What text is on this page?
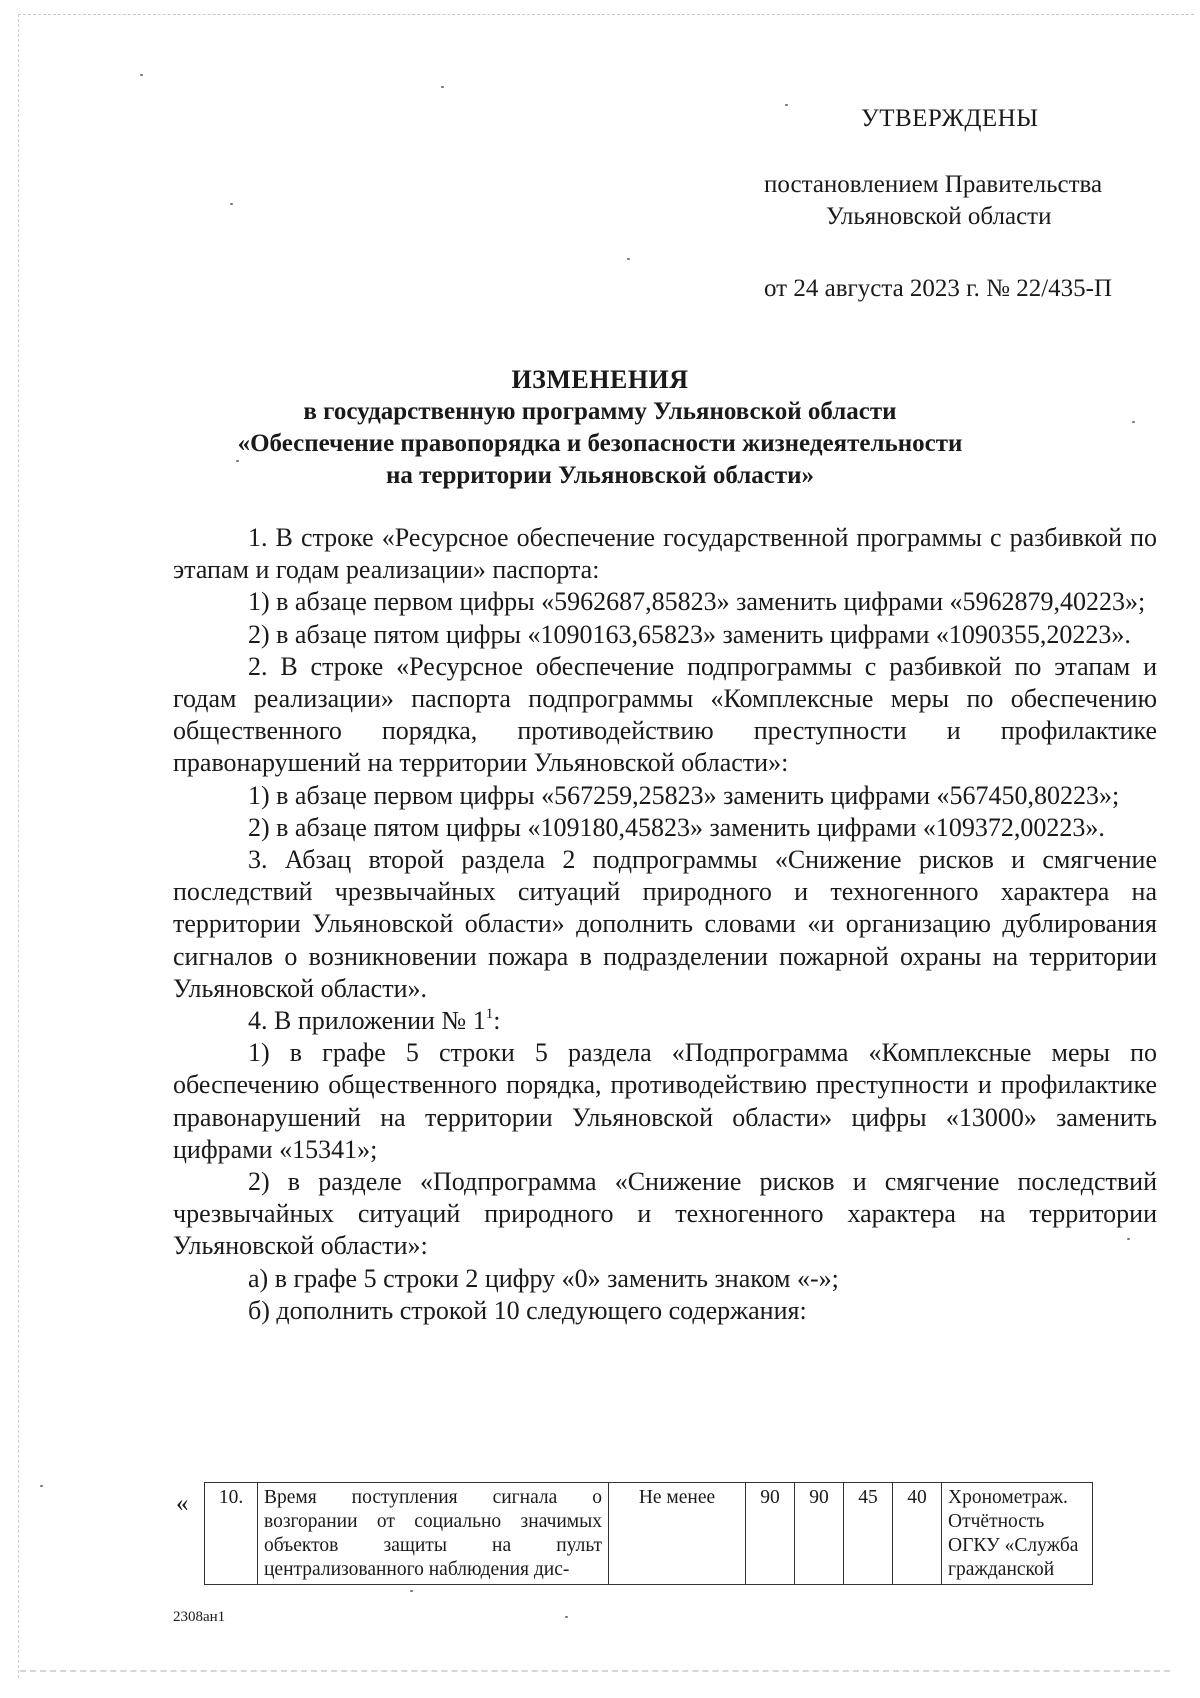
УТВЕРЖДЕНЫ
постановлением Правительства
Ульяновской области
от 24 августа 2023 г. № 22/435-П
ИЗМЕНЕНИЯ
в государственную программу Ульяновской области
«Обеспечение правопорядка и безопасности жизнедеятельности
на территории Ульяновской области»

1. В строке «Ресурсное обеспечение государственной программы с разбивкой по этапам и годам реализации» паспорта:

1) в абзаце первом цифры «5962687,85823» заменить цифрами «5962879,40223»;

2) в абзаце пятом цифры «1090163,65823» заменить цифрами «1090355,20223».

2. В строке «Ресурсное обеспечение подпрограммы с разбивкой по этапам и годам реализации» паспорта подпрограммы «Комплексные меры по обеспечению общественного порядка, противодействию преступности и профилактике правонарушений на территории Ульяновской области»:

1) в абзаце первом цифры «567259,25823» заменить цифрами «567450,80223»;

2) в абзаце пятом цифры «109180,45823» заменить цифрами «109372,00223».

3. Абзац второй раздела 2 подпрограммы «Снижение рисков и смягчение последствий чрезвычайных ситуаций природного и техногенного характера на территории Ульяновской области» дополнить словами «и организацию дублирования сигналов о возникновении пожара в подразделении пожарной охраны на территории Ульяновской области».

4. В приложении № $1^1$:

1) в графе 5 строки 5 раздела «Подпрограмма «Комплексные меры по обеспечению общественного порядка, противодействию преступности и профилактике правонарушений на территории Ульяновской области» цифры «13000» заменить цифрами «15341»;

2) в разделе «Подпрограмма «Снижение рисков и смягчение последствий чрезвычайных ситуаций природного и техногенного характера на территории Ульяновской области»:

а) в графе 5 строки 2 цифру «0» заменить знаком «-»;

б) дополнить строкой 10 следующего содержания:

« 10.	Время поступления сигнала о возгорании от социально значимых объектов защиты на пульт централизованного наблюдения дис-	Не менее	90	90	45	40	Хронометраж. Отчётность ОГКУ «Служба гражданской
2308ан1
